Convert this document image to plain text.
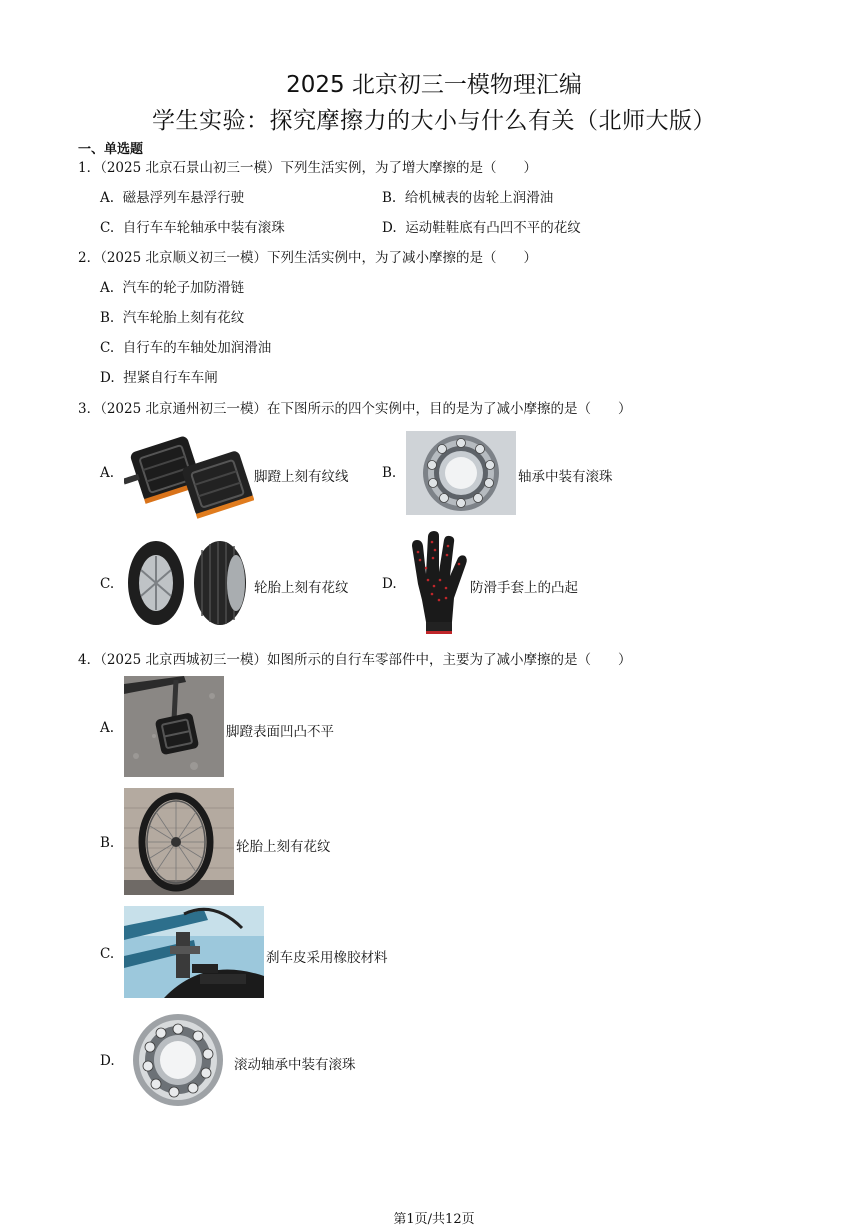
2025 北京初三一模物理汇编
学生实验：探究摩擦力的大小与什么有关（北师大版）
一、单选题
1．（2025 北京石景山初三一模）下列生活实例，为了增大摩擦的是（　　）
A. 磁悬浮列车悬浮行驶	B. 给机械表的齿轮上润滑油
C. 自行车车轮轴承中装有滚珠	D. 运动鞋鞋底有凸凹不平的花纹
2．（2025 北京顺义初三一模）下列生活实例中，为了减小摩擦的是（　　）
A. 汽车的轮子加防滑链
B. 汽车轮胎上刻有花纹
C. 自行车的车轴处加润滑油
D. 捏紧自行车车闸
3．（2025 北京通州初三一模）在下图所示的四个实例中，目的是为了减小摩擦的是（　　）
A.	脚蹬上刻有纹线 B.	轴承中装有滚珠
C.	轮胎上刻有花纹 D.	防滑手套上的凸起
4．（2025 北京西城初三一模）如图所示的自行车零部件中，主要为了减小摩擦的是（　　）
A.	脚蹬表面凹凸不平
B.	轮胎上刻有花纹
C.	刹车皮采用橡胶材料
D.	滚动轴承中装有滚珠
第1页/共12页
